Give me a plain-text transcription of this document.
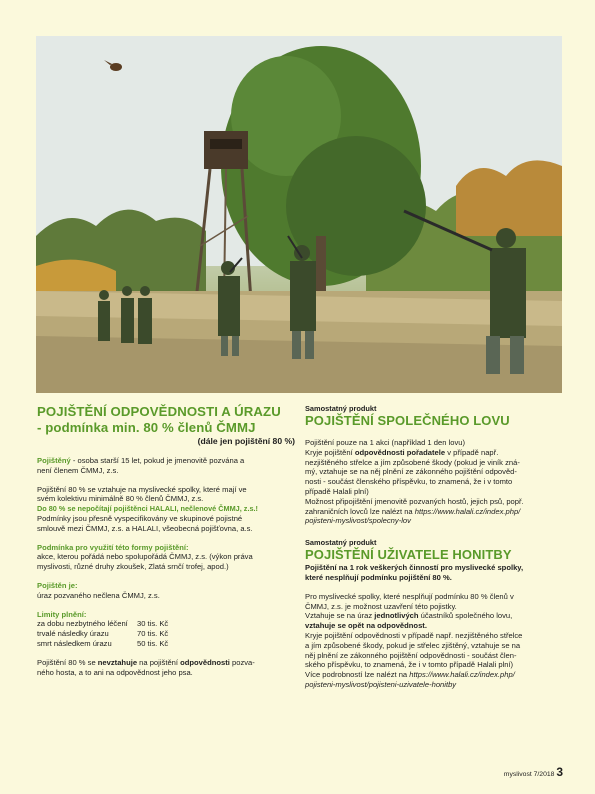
POJIŠTĚNÍ ODPOVĚDNOSTI A ÚRAZU
- podmínka min. 80 % členů ČMMJ
(dále jen pojištění 80 %)

Pojištěný - osoba starší 15 let, pokud je jmenovitě pozvána a

není členem ČMMJ, z.s.

Pojištění 80 % se vztahuje na myslivecké spolky, které mají ve

svém kolektivu minimálně 80 % členů ČMMJ, z.s.

Do 80 % se nepočítají pojištěnci HALALI, nečlenové ČMMJ, z.s.!

Podmínky jsou přesně vyspecifikovány ve skupinové pojistné

smlouvě mezi ČMMJ, z.s. a HALALI, všeobecná pojišťovna, a.s.

Podmínka pro využití této formy pojištění:

akce, kterou pořádá nebo spolupořádá ČMMJ, z.s. (výkon práva

myslivosti, různé druhy zkoušek, Zlatá srnčí trofej, apod.)

Pojištěn je:

úraz pozvaného nečlena ČMMJ, z.s.

Limity plnění:

za dobu nezbytného léčení	30 tis. Kč
trvalé následky úrazu	70 tis. Kč
smrt následkem úrazu	50 tis. Kč

Pojištění 80 % se nevztahuje na pojištění odpovědnosti pozva-

ného hosta, a to ani na odpovědnost jeho psa.

Samostatný produkt
POJIŠTĚNÍ SPOLEČNÉHO LOVU

Pojištění pouze na 1 akci (například 1 den lovu)

Kryje pojištění odpovědnosti pořadatele v případě např.

nezjištěného střelce a jím způsobené škody (pokud je viník zná-

mý, vztahuje se na něj plnění ze zákonného pojištění odpověd-

nosti - součást členského příspěvku, to znamená, že i v tomto

případě Halali plní)

Možnost připojištění jmenovitě pozvaných hostů, jejich psů, popř.

zahraničních lovců lze nalézt na https://www.halali.cz/index.php/

pojisteni-myslivost/spolecny-lov

Samostatný produkt
POJIŠTĚNÍ UŽIVATELE HONITBY

Pojištění na 1 rok veškerých činností pro myslivecké spolky,

které nesplňují podmínku pojištění 80 %.

Pro myslivecké spolky, které nesplňují podmínku 80 % členů v

ČMMJ, z.s. je možnost uzavření této pojistky.

Vztahuje se na úraz jednotlivých účastníků společného lovu,

vztahuje se opět na odpovědnost.

Kryje pojištění odpovědnosti v případě např. nezjištěného střelce

a jím způsobené škody, pokud je střelec zjištěný, vztahuje se na

něj plnění ze zákonného pojištění odpovědnosti - součást člen-

ského příspěvku, to znamená, že i v tomto případě Halali plní)

Více podrobností lze nalézt na https://www.halali.cz/index.php/

pojisteni-myslivost/pojisteni-uzivatele-honitby

myslivost 7/2018 3
